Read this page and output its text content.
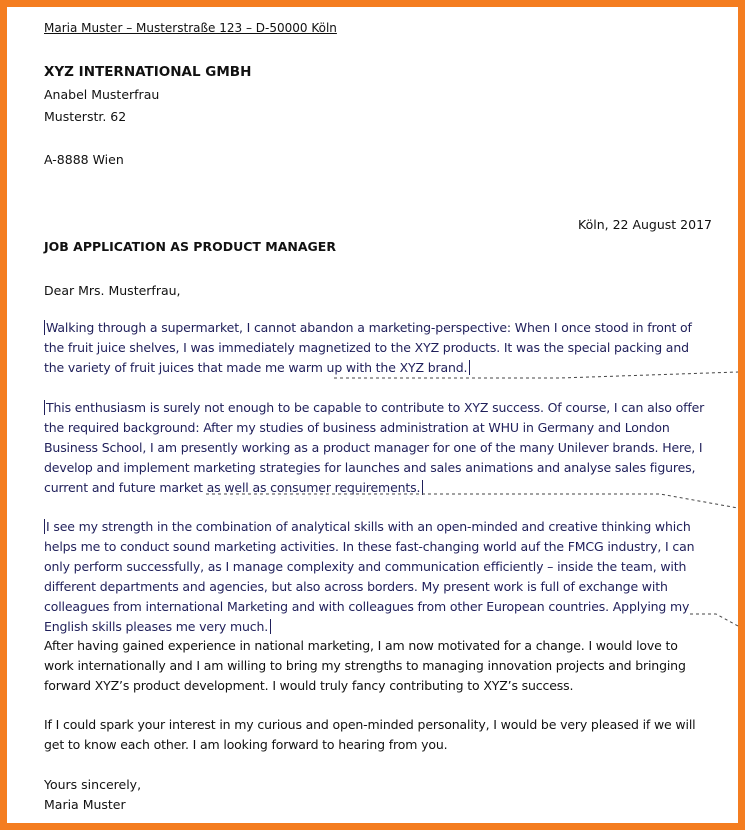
Maria Muster – Musterstraße 123 – D-50000 Köln
XYZ INTERNATIONAL GMBH
Anabel Musterfrau
Musterstr. 62
A-8888 Wien
Köln, 22 August 2017
JOB APPLICATION AS PRODUCT MANAGER
Dear Mrs. Musterfrau,
Walking through a supermarket, I cannot abandon a marketing-perspective: When I once stood in front of the fruit juice shelves, I was immediately magnetized to the XYZ products. It was the special packing and the variety of fruit juices that made me warm up with the XYZ brand.
This enthusiasm is surely not enough to be capable to contribute to XYZ success. Of course, I can also offer the required background: After my studies of business administration at WHU in Germany and London Business School, I am presently working as a product manager for one of the many Unilever brands. Here, I develop and implement marketing strategies for launches and sales animations and analyse sales figures, current and future market as well as consumer requirements.
I see my strength in the combination of analytical skills with an open-minded and creative thinking which helps me to conduct sound marketing activities. In these fast-changing world auf the FMCG industry, I can only perform successfully, as I manage complexity and communication efficiently – inside the team, with different departments and agencies, but also across borders. My present work is full of exchange with colleagues from international Marketing and with colleagues from other European countries. Applying my English skills pleases me very much.
After having gained experience in national marketing, I am now motivated for a change. I would love to work internationally and I am willing to bring my strengths to managing innovation projects and bringing forward XYZ’s product development. I would truly fancy contributing to XYZ’s success.
If I could spark your interest in my curious and open-minded personality, I would be very pleased if we will get to know each other. I am looking forward to hearing from you.
Yours sincerely,
Maria Muster
